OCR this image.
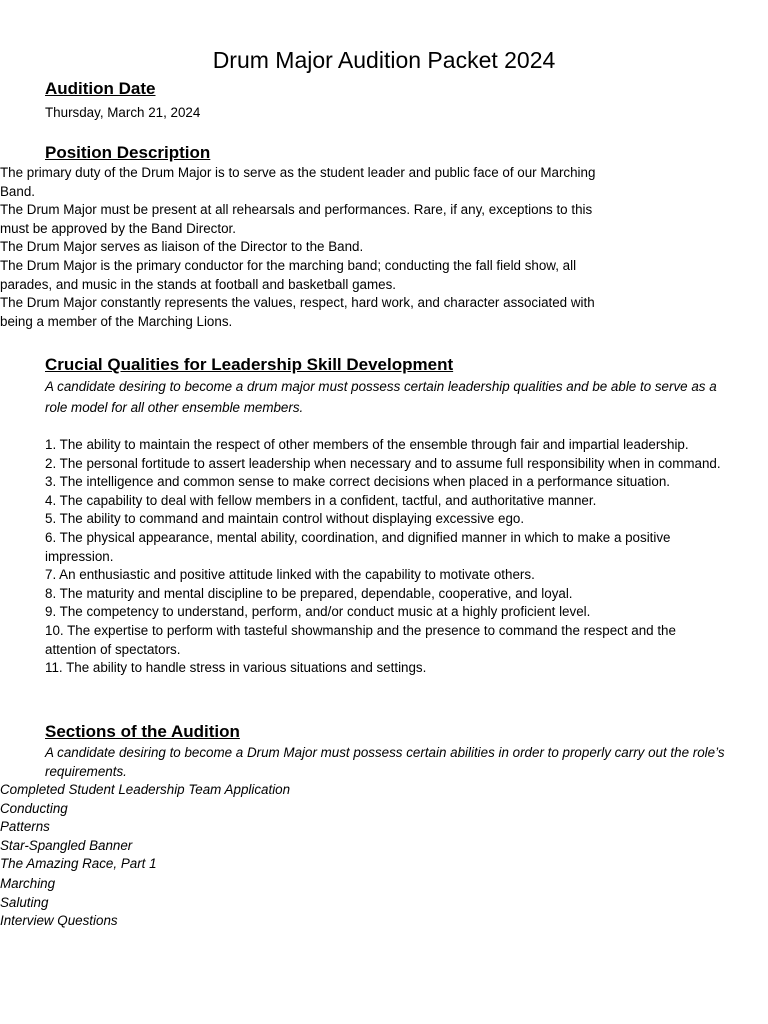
Drum Major Audition Packet 2024
Audition Date
Thursday, March 21, 2024
Position Description
The primary duty of the Drum Major is to serve as the student leader and public face of our Marching Band.
The Drum Major must be present at all rehearsals and performances. Rare, if any, exceptions to this must be approved by the Band Director.
The Drum Major serves as liaison of the Director to the Band.
The Drum Major is the primary conductor for the marching band; conducting the fall field show, all parades, and music in the stands at football and basketball games.
The Drum Major constantly represents the values, respect, hard work, and character associated with being a member of the Marching Lions.
Crucial Qualities for Leadership Skill Development
A candidate desiring to become a drum major must possess certain leadership qualities and be able to serve as a role model for all other ensemble members.
1. The ability to maintain the respect of other members of the ensemble through fair and impartial leadership.
2. The personal fortitude to assert leadership when necessary and to assume full responsibility when in command.
3. The intelligence and common sense to make correct decisions when placed in a performance situation.
4. The capability to deal with fellow members in a confident, tactful, and authoritative manner.
5. The ability to command and maintain control without displaying excessive ego.
6. The physical appearance, mental ability, coordination, and dignified manner in which to make a positive impression.
7. An enthusiastic and positive attitude linked with the capability to motivate others.
8. The maturity and mental discipline to be prepared, dependable, cooperative, and loyal.
9. The competency to understand, perform, and/or conduct music at a highly proficient level.
10. The expertise to perform with tasteful showmanship and the presence to command the respect and the attention of spectators.
11. The ability to handle stress in various situations and settings.
Sections of the Audition
A candidate desiring to become a Drum Major must possess certain abilities in order to properly carry out the role’s requirements.
Completed Student Leadership Team Application
Conducting
Patterns
Star-Spangled Banner
The Amazing Race, Part 1
Marching
Saluting
Interview Questions
